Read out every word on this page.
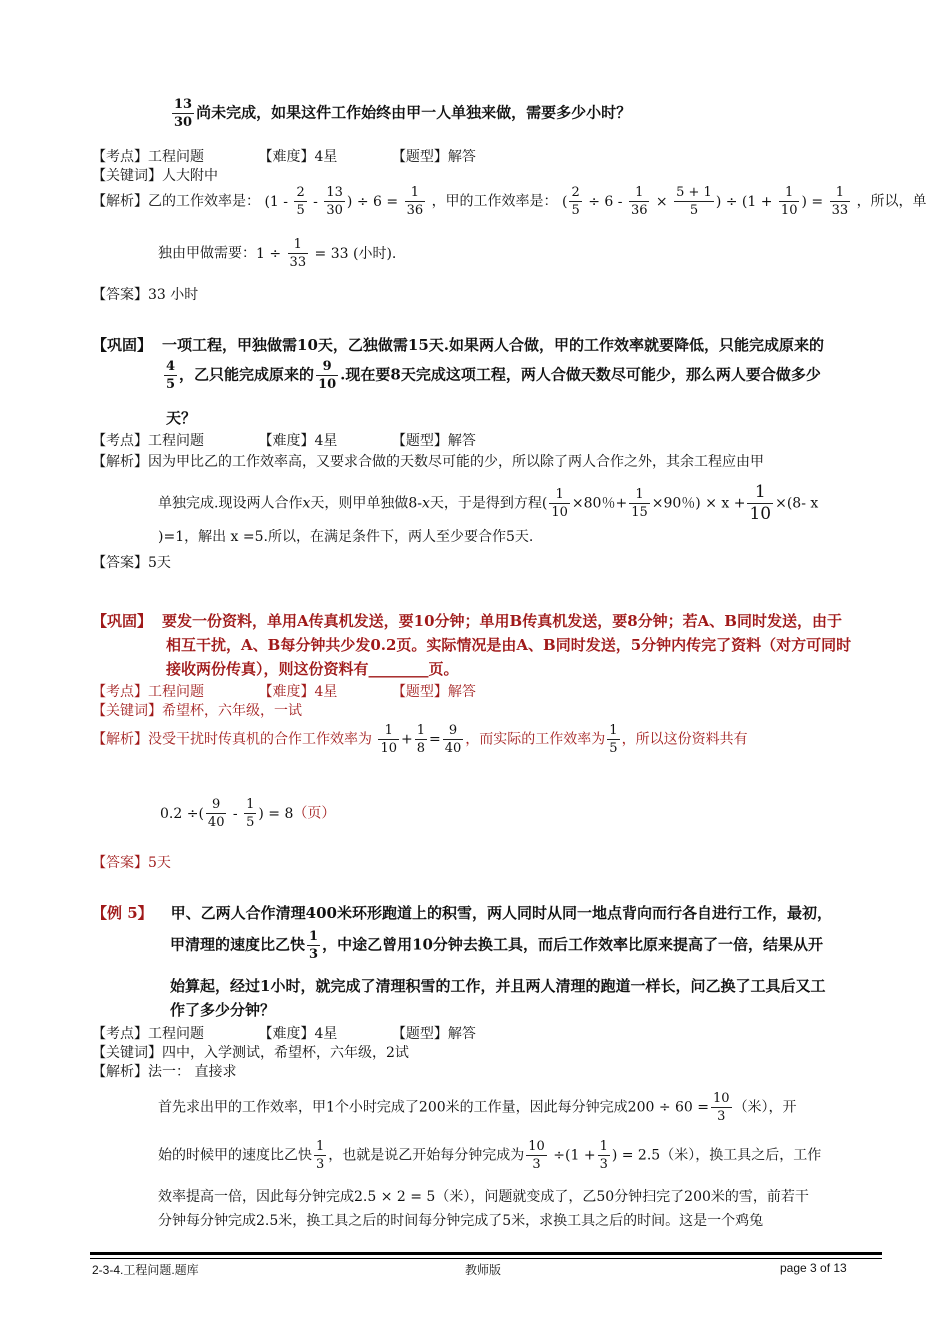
$\frac{13}{30}$ 尚未完成，如果这件工作始终由甲一人单独来做，需要多少小时？
【考点】工程问题	【难度】4星	【题型】解答
【关键词】人大附中
【解析】乙的工作效率是： ($1 - \frac{2}{5} - \frac{13}{30}$ ) ÷ $6 = \frac{1}{36}$ ，甲的工作效率是： ( $\frac{2}{5} \div 6 - \frac{1}{36} \times \frac{5 + 1}{5}$ ) ÷ ($1 + \frac{1}{10}$ ) = $\frac{1}{33}$ ，所以，单
独由甲做需要：$1 \div \frac{1}{33} = 33$ (小时).
【答案】33 小时
【巩固】 一项工程，甲独做需10天，乙独做需15天.如果两人合做，甲的工作效率就要降低，只能完成原来的
$\frac{4}{5}$ ，乙只能完成原来的 $\frac{9}{10}$ .现在要8天完成这项工程，两人合做天数尽可能少，那么两人要合做多少
天？
【考点】工程问题	【难度】4星	【题型】解答
【解析】因为甲比乙的工作效率高，又要求合做的天数尽可能的少，所以除了两人合作之外，其余工程应由甲
单独完成.现设两人合作x天，则甲单独做8-x天，于是得到方程( $\frac{1}{10} \times 80$％+ $\frac{1}{15} \times 90$％) × $x + \frac{1}{10} \times(8-$ x
)=1，解出 x =5.所以，在满足条件下，两人至少要合作5天.
【答案】5天
【巩固】 要发一份资料，单用A传真机发送，要10分钟；单用B传真机发送，要8分钟；若A、B同时发送，由于
相互干扰，A、B每分钟共少发0.2页。实际情况是由A、B同时发送，5分钟内传完了资料（对方可同时
接收两份传真），则这份资料有________页。
【考点】工程问题	【难度】4星	【题型】解答
【关键词】希望杯，六年级，一试
【解析】没受干扰时传真机的合作工作效率为 $\frac{1}{10} + \frac{1}{8} = \frac{9}{40}$ ，而实际的工作效率为 $\frac{1}{5}$ ，所以这份资料共有
0.2 ÷( $\frac{9}{40} - \frac{1}{5}$ ) = 8（页）
【答案】5天
【例 5】 甲、乙两人合作清理400米环形跑道上的积雪，两人同时从同一地点背向而行各自进行工作，最初，
甲清理的速度比乙快 $\frac{1}{3}$ ，中途乙曾用10分钟去换工具，而后工作效率比原来提高了一倍，结果从开
始算起，经过1小时，就完成了清理积雪的工作，并且两人清理的跑道一样长，问乙换了工具后又工
作了多少分钟？
【考点】工程问题	【难度】4星	【题型】解答
【关键词】四中，入学测试，希望杯，六年级，2试
【解析】法一： 直接求
首先求出甲的工作效率，甲1个小时完成了200米的工作量，因此每分钟完成$200 \div 60 = \frac{10}{3}$ （米），开
始的时候甲的速度比乙快 $\frac{1}{3}$ ，也就是说乙开始每分钟完成为 $\frac{10}{3} \div(1 + \frac{1}{3}$ ) = 2.5（米），换工具之后，工作
效率提高一倍，因此每分钟完成2.5 × 2 = 5（米），问题就变成了，乙50分钟扫完了200米的雪，前若干
分钟每分钟完成2.5米，换工具之后的时间每分钟完成了5米，求换工具之后的时间。这是一个鸡兔
2-3-4.工程问题.题库	教师版	page 3 of 13
